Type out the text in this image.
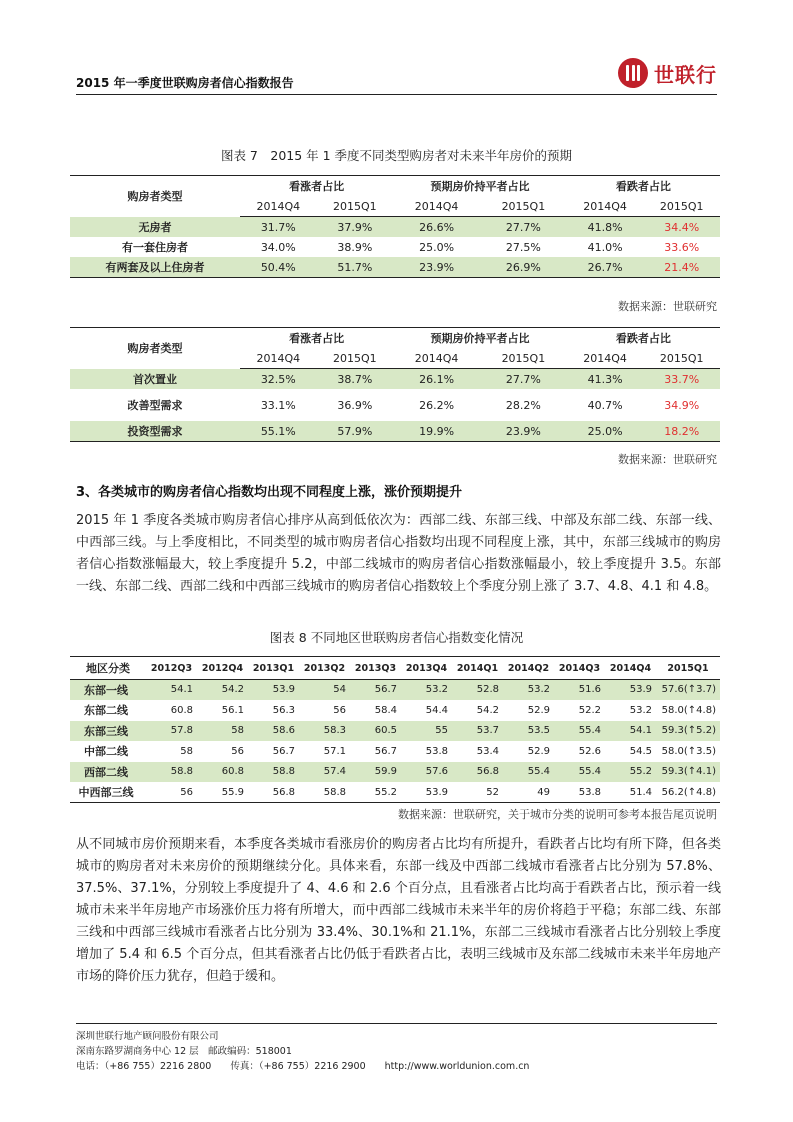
2015 年一季度世联购房者信心指数报告	世联行
图表 7　2015 年 1 季度不同类型购房者对未来半年房价的预期
购房者类型	看涨者占比		预期房价持平者占比		看跌者占比	
	2014Q4	2015Q1	2014Q4	2015Q1	2014Q4	2015Q1
无房者	31.7%	37.9%	26.6%	27.7%	41.8%	34.4%
有一套住房者	34.0%	38.9%	25.0%	27.5%	41.0%	33.6%
有两套及以上住房者	50.4%	51.7%	23.9%	26.9%	26.7%	21.4%
数据来源：世联研究
购房者类型	看涨者占比		预期房价持平者占比		看跌者占比	
	2014Q4	2015Q1	2014Q4	2015Q1	2014Q4	2015Q1
首次置业	32.5%	38.7%	26.1%	27.7%	41.3%	33.7%
改善型需求	33.1%	36.9%	26.2%	28.2%	40.7%	34.9%
投资型需求	55.1%	57.9%	19.9%	23.9%	25.0%	18.2%
数据来源：世联研究
3、各类城市的购房者信心指数均出现不同程度上涨，涨价预期提升

2015 年 1 季度各类城市购房者信心排序从高到低依次为：西部二线、东部三线、中部及东部二线、东部一线、中西部三线。与上季度相比，不同类型的城市购房者信心指数均出现不同程度上涨，其中，东部三线城市的购房者信心指数涨幅最大，较上季度提升 5.2，中部二线城市的购房者信心指数涨幅最小，较上季度提升 3.5。东部一线、东部二线、西部二线和中西部三线城市的购房者信心指数较上个季度分别上涨了 3.7、4.8、4.1 和 4.8。

图表 8 不同地区世联购房者信心指数变化情况
地区分类	2012Q3	2012Q4	2013Q1	2013Q2	2013Q3	2013Q4	2014Q1	2014Q2	2014Q3	2014Q4	2015Q1
东部一线	54.1	54.2	53.9	54	56.7	53.2	52.8	53.2	51.6	53.9	57.6(↑3.7)
东部二线	60.8	56.1	56.3	56	58.4	54.4	54.2	52.9	52.2	53.2	58.0(↑4.8)
东部三线	57.8	58	58.6	58.3	60.5	55	53.7	53.5	55.4	54.1	59.3(↑5.2)
中部二线	58	56	56.7	57.1	56.7	53.8	53.4	52.9	52.6	54.5	58.0(↑3.5)
西部二线	58.8	60.8	58.8	57.4	59.9	57.6	56.8	55.4	55.4	55.2	59.3(↑4.1)
中西部三线	56	55.9	56.8	58.8	55.2	53.9	52	49	53.8	51.4	56.2(↑4.8)
数据来源：世联研究，关于城市分类的说明可参考本报告尾页说明

从不同城市房价预期来看，本季度各类城市看涨房价的购房者占比均有所提升，看跌者占比均有所下降，但各类城市的购房者对未来房价的预期继续分化。具体来看，东部一线及中西部二线城市看涨者占比分别为 57.8%、37.5%、37.1%，分别较上季度提升了 4、4.6 和 2.6 个百分点，且看涨者占比均高于看跌者占比，预示着一线城市未来半年房地产市场涨价压力将有所增大，而中西部二线城市未来半年的房价将趋于平稳；东部二线、东部三线和中西部三线城市看涨者占比分别为 33.4%、30.1%和 21.1%，东部二三线城市看涨者占比分别较上季度增加了 5.4 和 6.5 个百分点，但其看涨者占比仍低于看跌者占比，表明三线城市及东部二线城市未来半年房地产市场的降价压力犹存，但趋于缓和。

深圳世联行地产顾问股份有限公司
深南东路罗湖商务中心 12 层　邮政编码：518001
电话：（+86 755）2216 2800　　传真：（+86 755）2216 2900　　http://www.worldunion.com.cn
